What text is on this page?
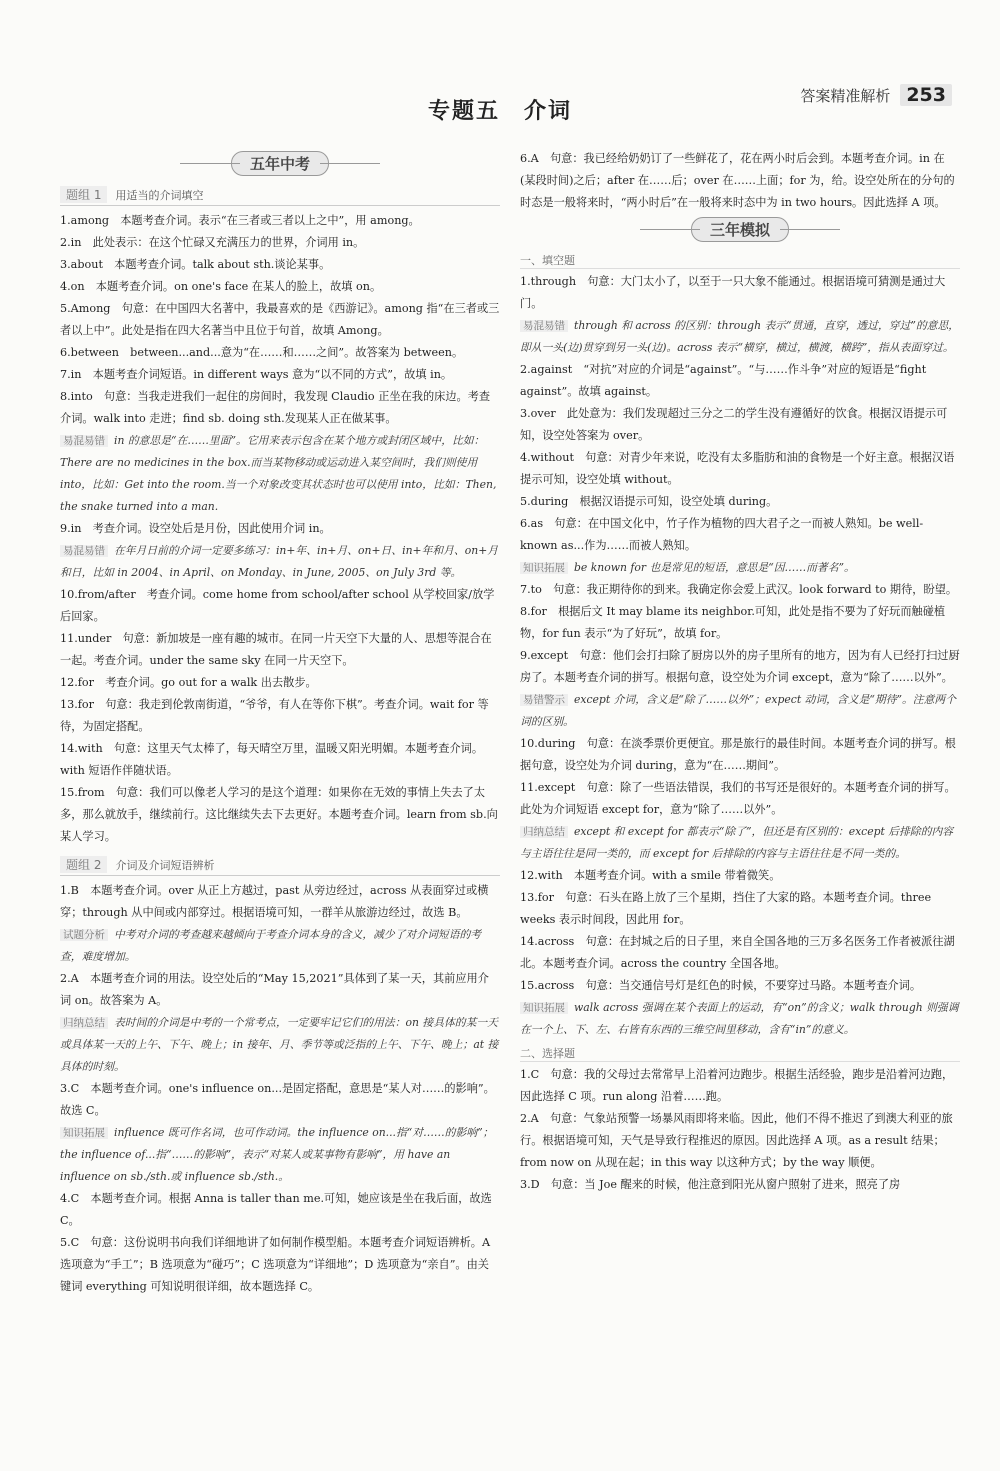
答案精准解析 253
专题五　介词
五年中考
题组 1	用适当的介词填空
1.among　本题考查介词。表示“在三者或三者以上之中”，用 among。
2.in　此处表示：在这个忙碌又充满压力的世界，介词用 in。
3.about　本题考查介词。talk about sth.谈论某事。
4.on　本题考查介词。on one's face 在某人的脸上，故填 on。
5.Among　句意：在中国四大名著中，我最喜欢的是《西游记》。among 指“在三者或三者以上中”。此处是指在四大名著当中且位于句首，故填 Among。
6.between　between...and...意为“在……和……之间”。故答案为 between。
7.in　本题考查介词短语。in different ways 意为“以不同的方式”，故填 in。
8.into　句意：当我走进我们一起住的房间时，我发现 Claudio 正坐在我的床边。考查介词。walk into 走进；find sb. doing sth.发现某人正在做某事。
易混易错 in 的意思是“在……里面”。它用来表示包含在某个地方或封闭区域中，比如：There are no medicines in the box.而当某物移动或运动进入某空间时，我们则使用 into，比如：Get into the room.当一个对象改变其状态时也可以使用 into，比如：Then, the snake turned into a man.
9.in　考查介词。设空处后是月份，因此使用介词 in。
易混易错 在年月日前的介词一定要多练习：in+年、in+月、on+日、in+年和月、on+月和日，比如 in 2004、in April、on Monday、in June, 2005、on July 3rd 等。
10.from/after　考查介词。come home from school/after school 从学校回家/放学后回家。
11.under　句意：新加坡是一座有趣的城市。在同一片天空下大量的人、思想等混合在一起。考查介词。under the same sky 在同一片天空下。
12.for　考查介词。go out for a walk 出去散步。
13.for　句意：我走到伦敦南街道，“爷爷，有人在等你下棋”。考查介词。wait for 等待，为固定搭配。
14.with　句意：这里天气太棒了，每天晴空万里，温暖又阳光明媚。本题考查介词。with 短语作伴随状语。
15.from　句意：我们可以像老人学习的是这个道理：如果你在无效的事情上失去了太多，那么就放手，继续前行。这比继续失去下去更好。本题考查介词。learn from sb.向某人学习。
题组 2	介词及介词短语辨析
1.B　本题考查介词。over 从正上方越过，past 从旁边经过，across 从表面穿过或横穿；through 从中间或内部穿过。根据语境可知，一群羊从旅游边经过，故选 B。
试题分析 中考对介词的考查越来越倾向于考查介词本身的含义，减少了对介词短语的考查，难度增加。
2.A　本题考查介词的用法。设空处后的“May 15,2021”具体到了某一天，其前应用介词 on。故答案为 A。
归纳总结 表时间的介词是中考的一个常考点，一定要牢记它们的用法：on 接具体的某一天或具体某一天的上午、下午、晚上；in 接年、月、季节等或泛指的上午、下午、晚上；at 接具体的时刻。
3.C　本题考查介词。one's influence on...是固定搭配，意思是“某人对……的影响”。故选 C。
知识拓展 influence 既可作名词，也可作动词。the influence on...指“对……的影响”；the influence of...指“……的影响”，表示“对某人或某事物有影响”，用 have an influence on sb./sth.或 influence sb./sth.。
4.C　本题考查介词。根据 Anna is taller than me.可知，她应该是坐在我后面，故选 C。
5.C　句意：这份说明书向我们详细地讲了如何制作模型船。本题考查介词短语辨析。A 选项意为“手工”；B 选项意为“碰巧”；C 选项意为“详细地”；D 选项意为“亲自”。由关键词 everything 可知说明很详细，故本题选择 C。
6.A　句意：我已经给奶奶订了一些鲜花了，花在两小时后会到。本题考查介词。in 在(某段时间)之后；after 在……后；over 在……上面；for 为，给。设空处所在的分句的时态是一般将来时，“两小时后”在一般将来时态中为 in two hours。因此选择 A 项。
三年模拟
一、填空题
1.through　句意：大门太小了，以至于一只大象不能通过。根据语境可猜测是通过大门。
易混易错 through 和 across 的区别：through 表示“贯通，直穿，透过，穿过”的意思，即从一头(边)贯穿到另一头(边)。across 表示“横穿，横过，横渡，横跨”，指从表面穿过。
2.against　“对抗”对应的介词是“against”。“与……作斗争”对应的短语是“fight against”。故填 against。
3.over　此处意为：我们发现超过三分之二的学生没有遵循好的饮食。根据汉语提示可知，设空处答案为 over。
4.without　句意：对青少年来说，吃没有太多脂肪和油的食物是一个好主意。根据汉语提示可知，设空处填 without。
5.during　根据汉语提示可知，设空处填 during。
6.as　句意：在中国文化中，竹子作为植物的四大君子之一而被人熟知。be well-known as...作为……而被人熟知。
知识拓展 be known for 也是常见的短语，意思是“因……而著名”。
7.to　句意：我正期待你的到来。我确定你会爱上武汉。look forward to 期待，盼望。
8.for　根据后文 It may blame its neighbor.可知，此处是指不要为了好玩而触碰植物，for fun 表示“为了好玩”，故填 for。
9.except　句意：他们会打扫除了厨房以外的房子里所有的地方，因为有人已经打扫过厨房了。本题考查介词的拼写。根据句意，设空处为介词 except，意为“除了……以外”。
易错警示 except 介词，含义是“除了……以外”；expect 动词，含义是“期待”。注意两个词的区别。
10.during　句意：在淡季票价更便宜。那是旅行的最佳时间。本题考查介词的拼写。根据句意，设空处为介词 during，意为“在……期间”。
11.except　句意：除了一些语法错误，我们的书写还是很好的。本题考查介词的拼写。此处为介词短语 except for，意为“除了……以外”。
归纳总结 except 和 except for 都表示“除了”，但还是有区别的：except 后排除的内容与主语往往是同一类的，而 except for 后排除的内容与主语往往是不同一类的。
12.with　本题考查介词。with a smile 带着微笑。
13.for　句意：石头在路上放了三个星期，挡住了大家的路。本题考查介词。three weeks 表示时间段，因此用 for。
14.across　句意：在封城之后的日子里，来自全国各地的三万多名医务工作者被派往湖北。本题考查介词。across the country 全国各地。
15.across　句意：当交通信号灯是红色的时候，不要穿过马路。本题考查介词。
知识拓展 walk across 强调在某个表面上的运动，有“on”的含义；walk through 则强调在一个上、下、左、右皆有东西的三维空间里移动，含有“in”的意义。
二、选择题
1.C　句意：我的父母过去常常早上沿着河边跑步。根据生活经验，跑步是沿着河边跑，因此选择 C 项。run along 沿着……跑。
2.A　句意：气象站预警一场暴风雨即将来临。因此，他们不得不推迟了到澳大利亚的旅行。根据语境可知，天气是导致行程推迟的原因。因此选择 A 项。as a result 结果；from now on 从现在起；in this way 以这种方式；by the way 顺便。
3.D　句意：当 Joe 醒来的时候，他注意到阳光从窗户照射了进来，照亮了房
